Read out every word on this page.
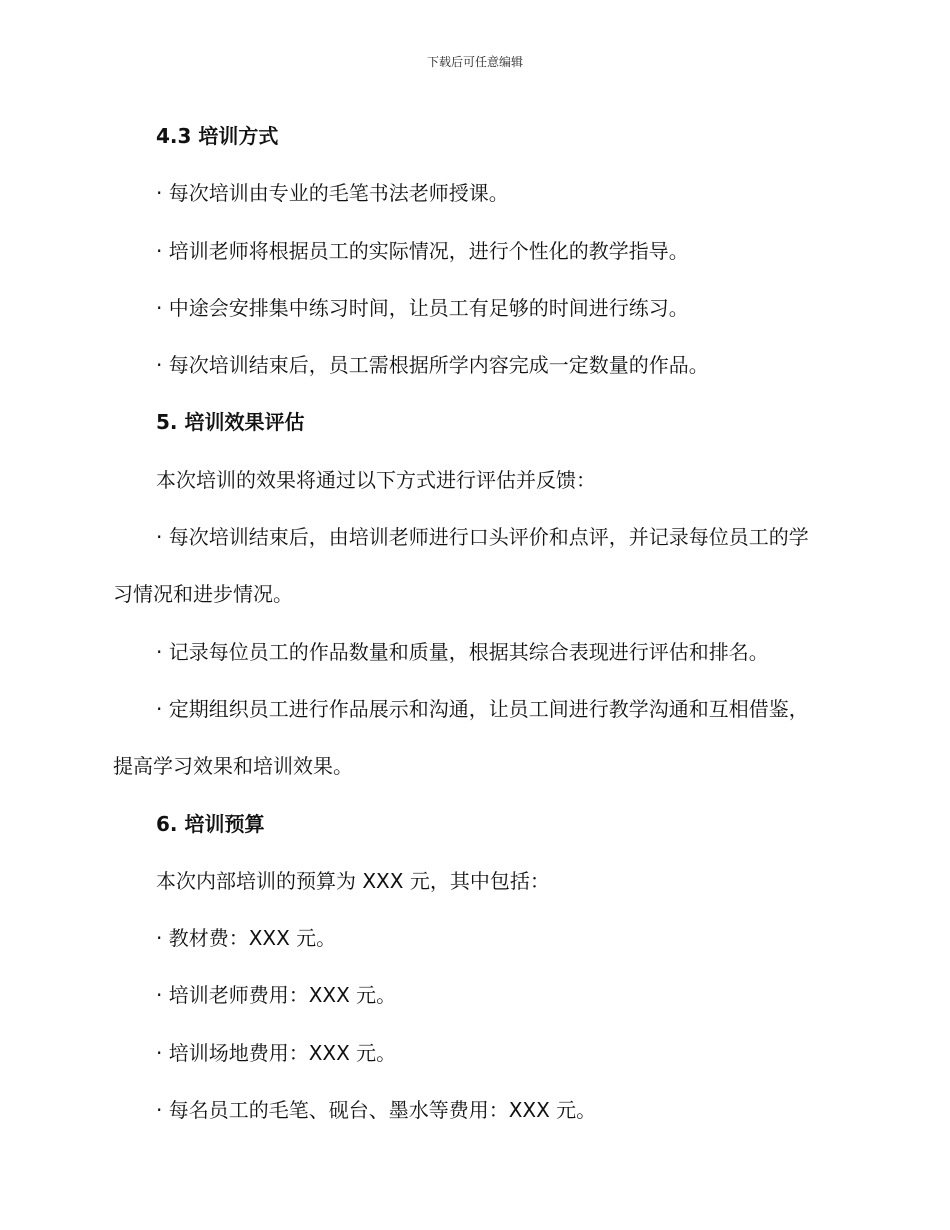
下载后可任意编辑

4.3 培训方式

· 每次培训由专业的毛笔书法老师授课。

· 培训老师将根据员工的实际情况，进行个性化的教学指导。

· 中途会安排集中练习时间，让员工有足够的时间进行练习。

· 每次培训结束后，员工需根据所学内容完成一定数量的作品。

5. 培训效果评估

本次培训的效果将通过以下方式进行评估并反馈：

· 每次培训结束后，由培训老师进行口头评价和点评，并记录每位员工的学习情况和进步情况。

· 记录每位员工的作品数量和质量，根据其综合表现进行评估和排名。

· 定期组织员工进行作品展示和沟通，让员工间进行教学沟通和互相借鉴，提高学习效果和培训效果。

6. 培训预算

本次内部培训的预算为 XXX 元，其中包括：

· 教材费：XXX 元。

· 培训老师费用：XXX 元。

· 培训场地费用：XXX 元。

· 每名员工的毛笔、砚台、墨水等费用：XXX 元。
